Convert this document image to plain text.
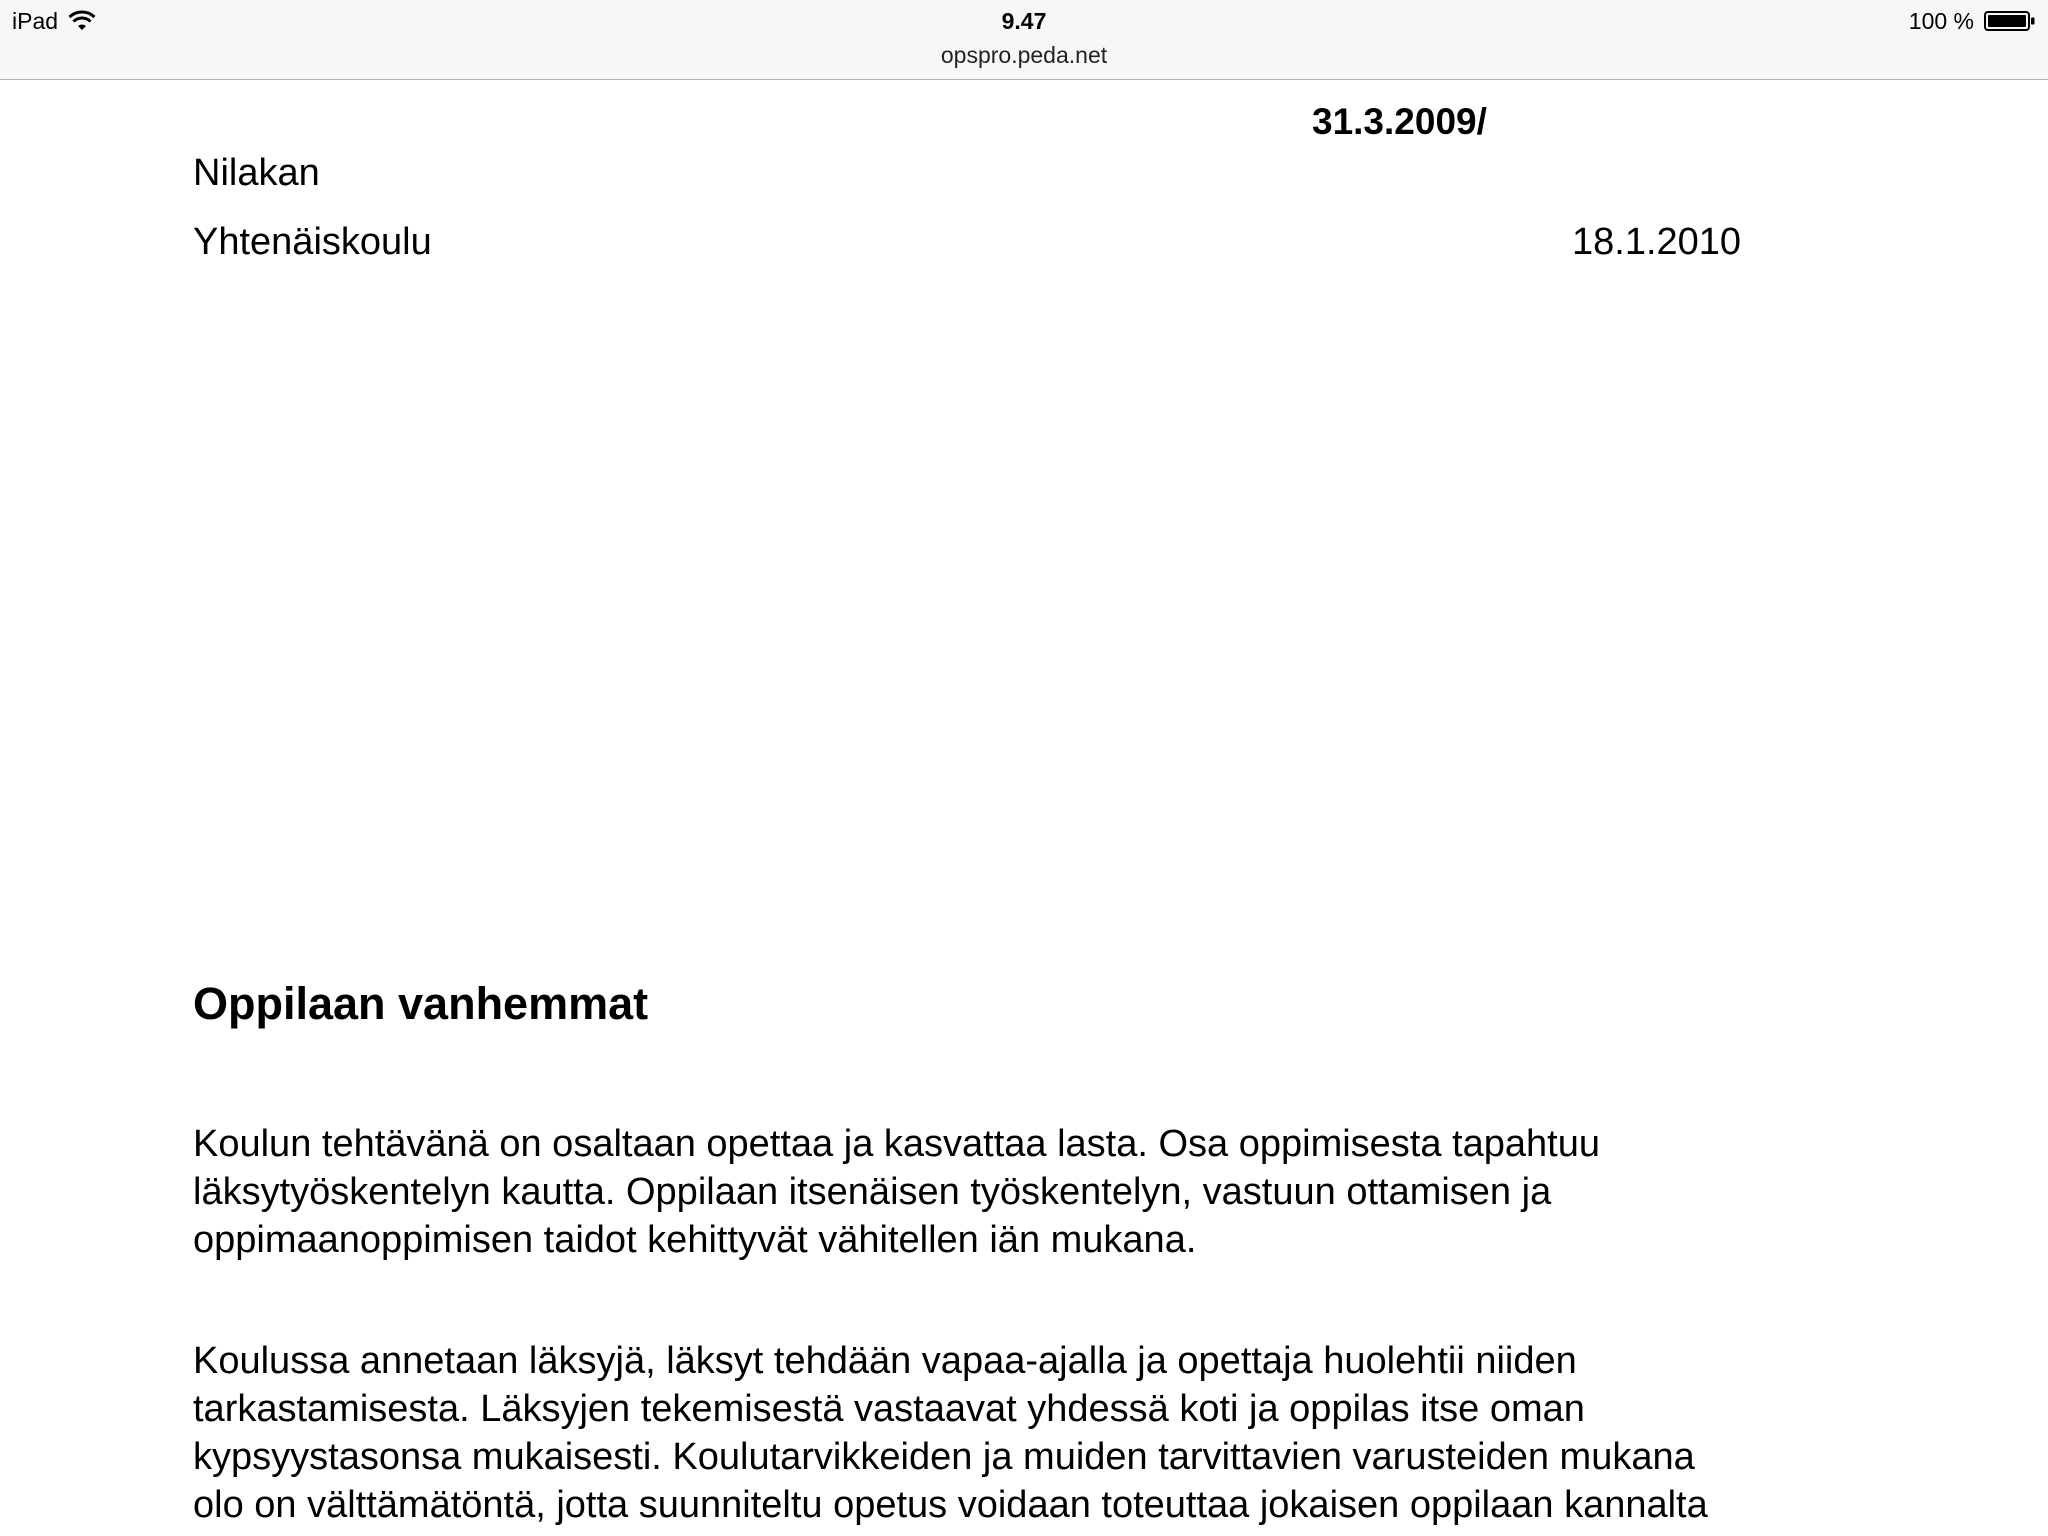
iPad	9.47	100 %
opspro.peda.net
31.3.2009/
Nilakan
Yhtenäiskoulu	18.1.2010
Oppilaan vanhemmat

Koulun tehtävänä on osaltaan opettaa ja kasvattaa lasta. Osa oppimisesta tapahtuu
läksytyöskentelyn kautta. Oppilaan itsenäisen työskentelyn, vastuun ottamisen ja
oppimaanoppimisen taidot kehittyvät vähitellen iän mukana.

Koulussa annetaan läksyjä, läksyt tehdään vapaa-ajalla ja opettaja huolehtii niiden
tarkastamisesta. Läksyjen tekemisestä vastaavat yhdessä koti ja oppilas itse oman
kypsyystasonsa mukaisesti. Koulutarvikkeiden ja muiden tarvittavien varusteiden mukana
olo on välttämätöntä, jotta suunniteltu opetus voidaan toteuttaa jokaisen oppilaan kannalta
